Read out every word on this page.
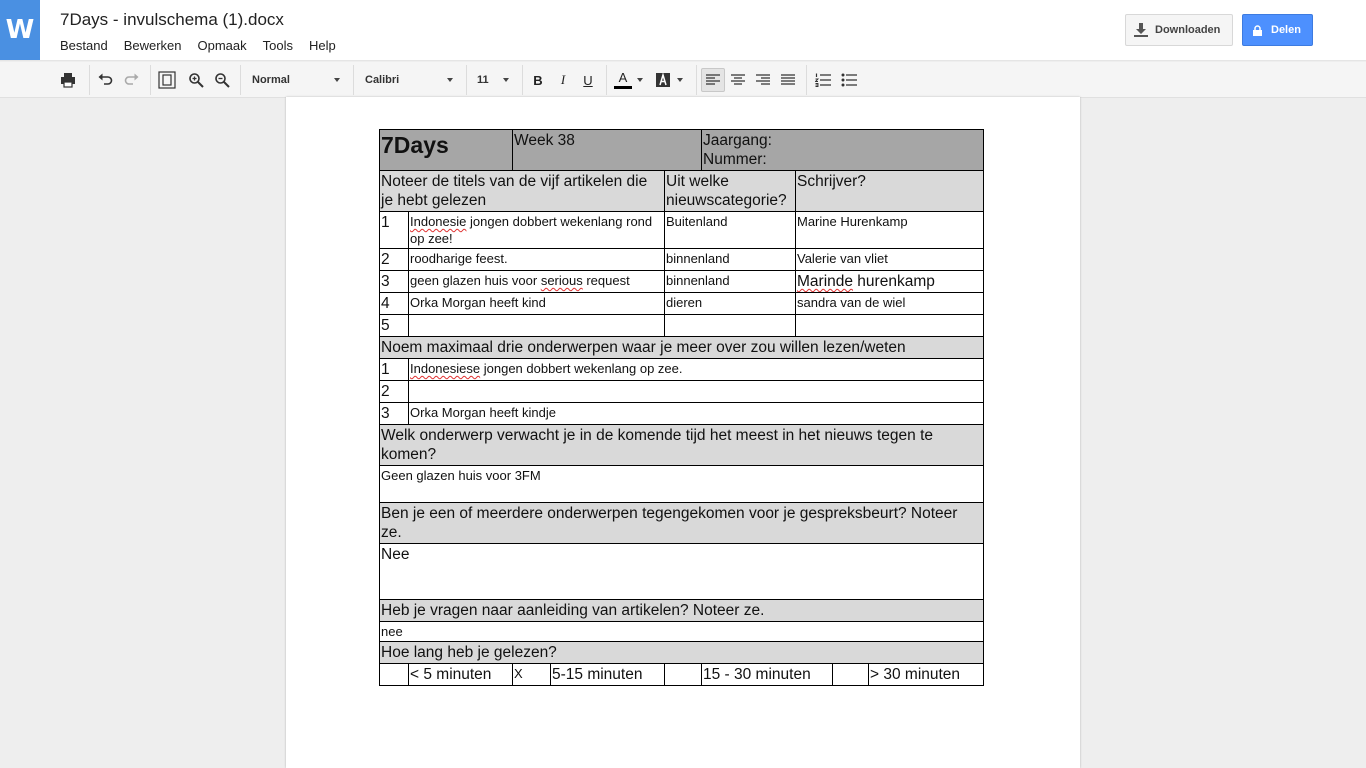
W 7Days - invulschema (1).docx
Bestand Bewerken Opmaak Tools Help
Downloaden	Delen
Normal	Calibri	11	B I U A
7Days		Week 38			Jaargang:
Nummer:			
Noteer de titels van de vijf artikelen die je hebt gelezen				Uit welke nieuwscategorie?		Schrijver?		
1	Indonesie jongen dobbert wekenlang rond op zee!			Buitenland		Marine Hurenkamp		
2	roodharige feest.			binnenland		Valerie van vliet		
3	geen glazen huis voor serious request			binnenland		Marinde hurenkamp		
4	Orka Morgan heeft kind			dieren		sandra van de wiel		
5								
Noem maximaal drie onderwerpen waar je meer over zou willen lezen/weten								
1	Indonesiese jongen dobbert wekenlang op zee.							
2								
3	Orka Morgan heeft kindje							
Welk onderwerp verwacht je in de komende tijd het meest in het nieuws tegen te komen?								
Geen glazen huis voor 3FM								
Ben je een of meerdere onderwerpen tegengekomen voor je gespreksbeurt? Noteer ze.								
Nee								
Heb je vragen naar aanleiding van artikelen? Noteer ze.								
nee								
Hoe lang heb je gelezen?								
	< 5 minuten	X	5-15 minuten		15 - 30 minuten			> 30 minuten
